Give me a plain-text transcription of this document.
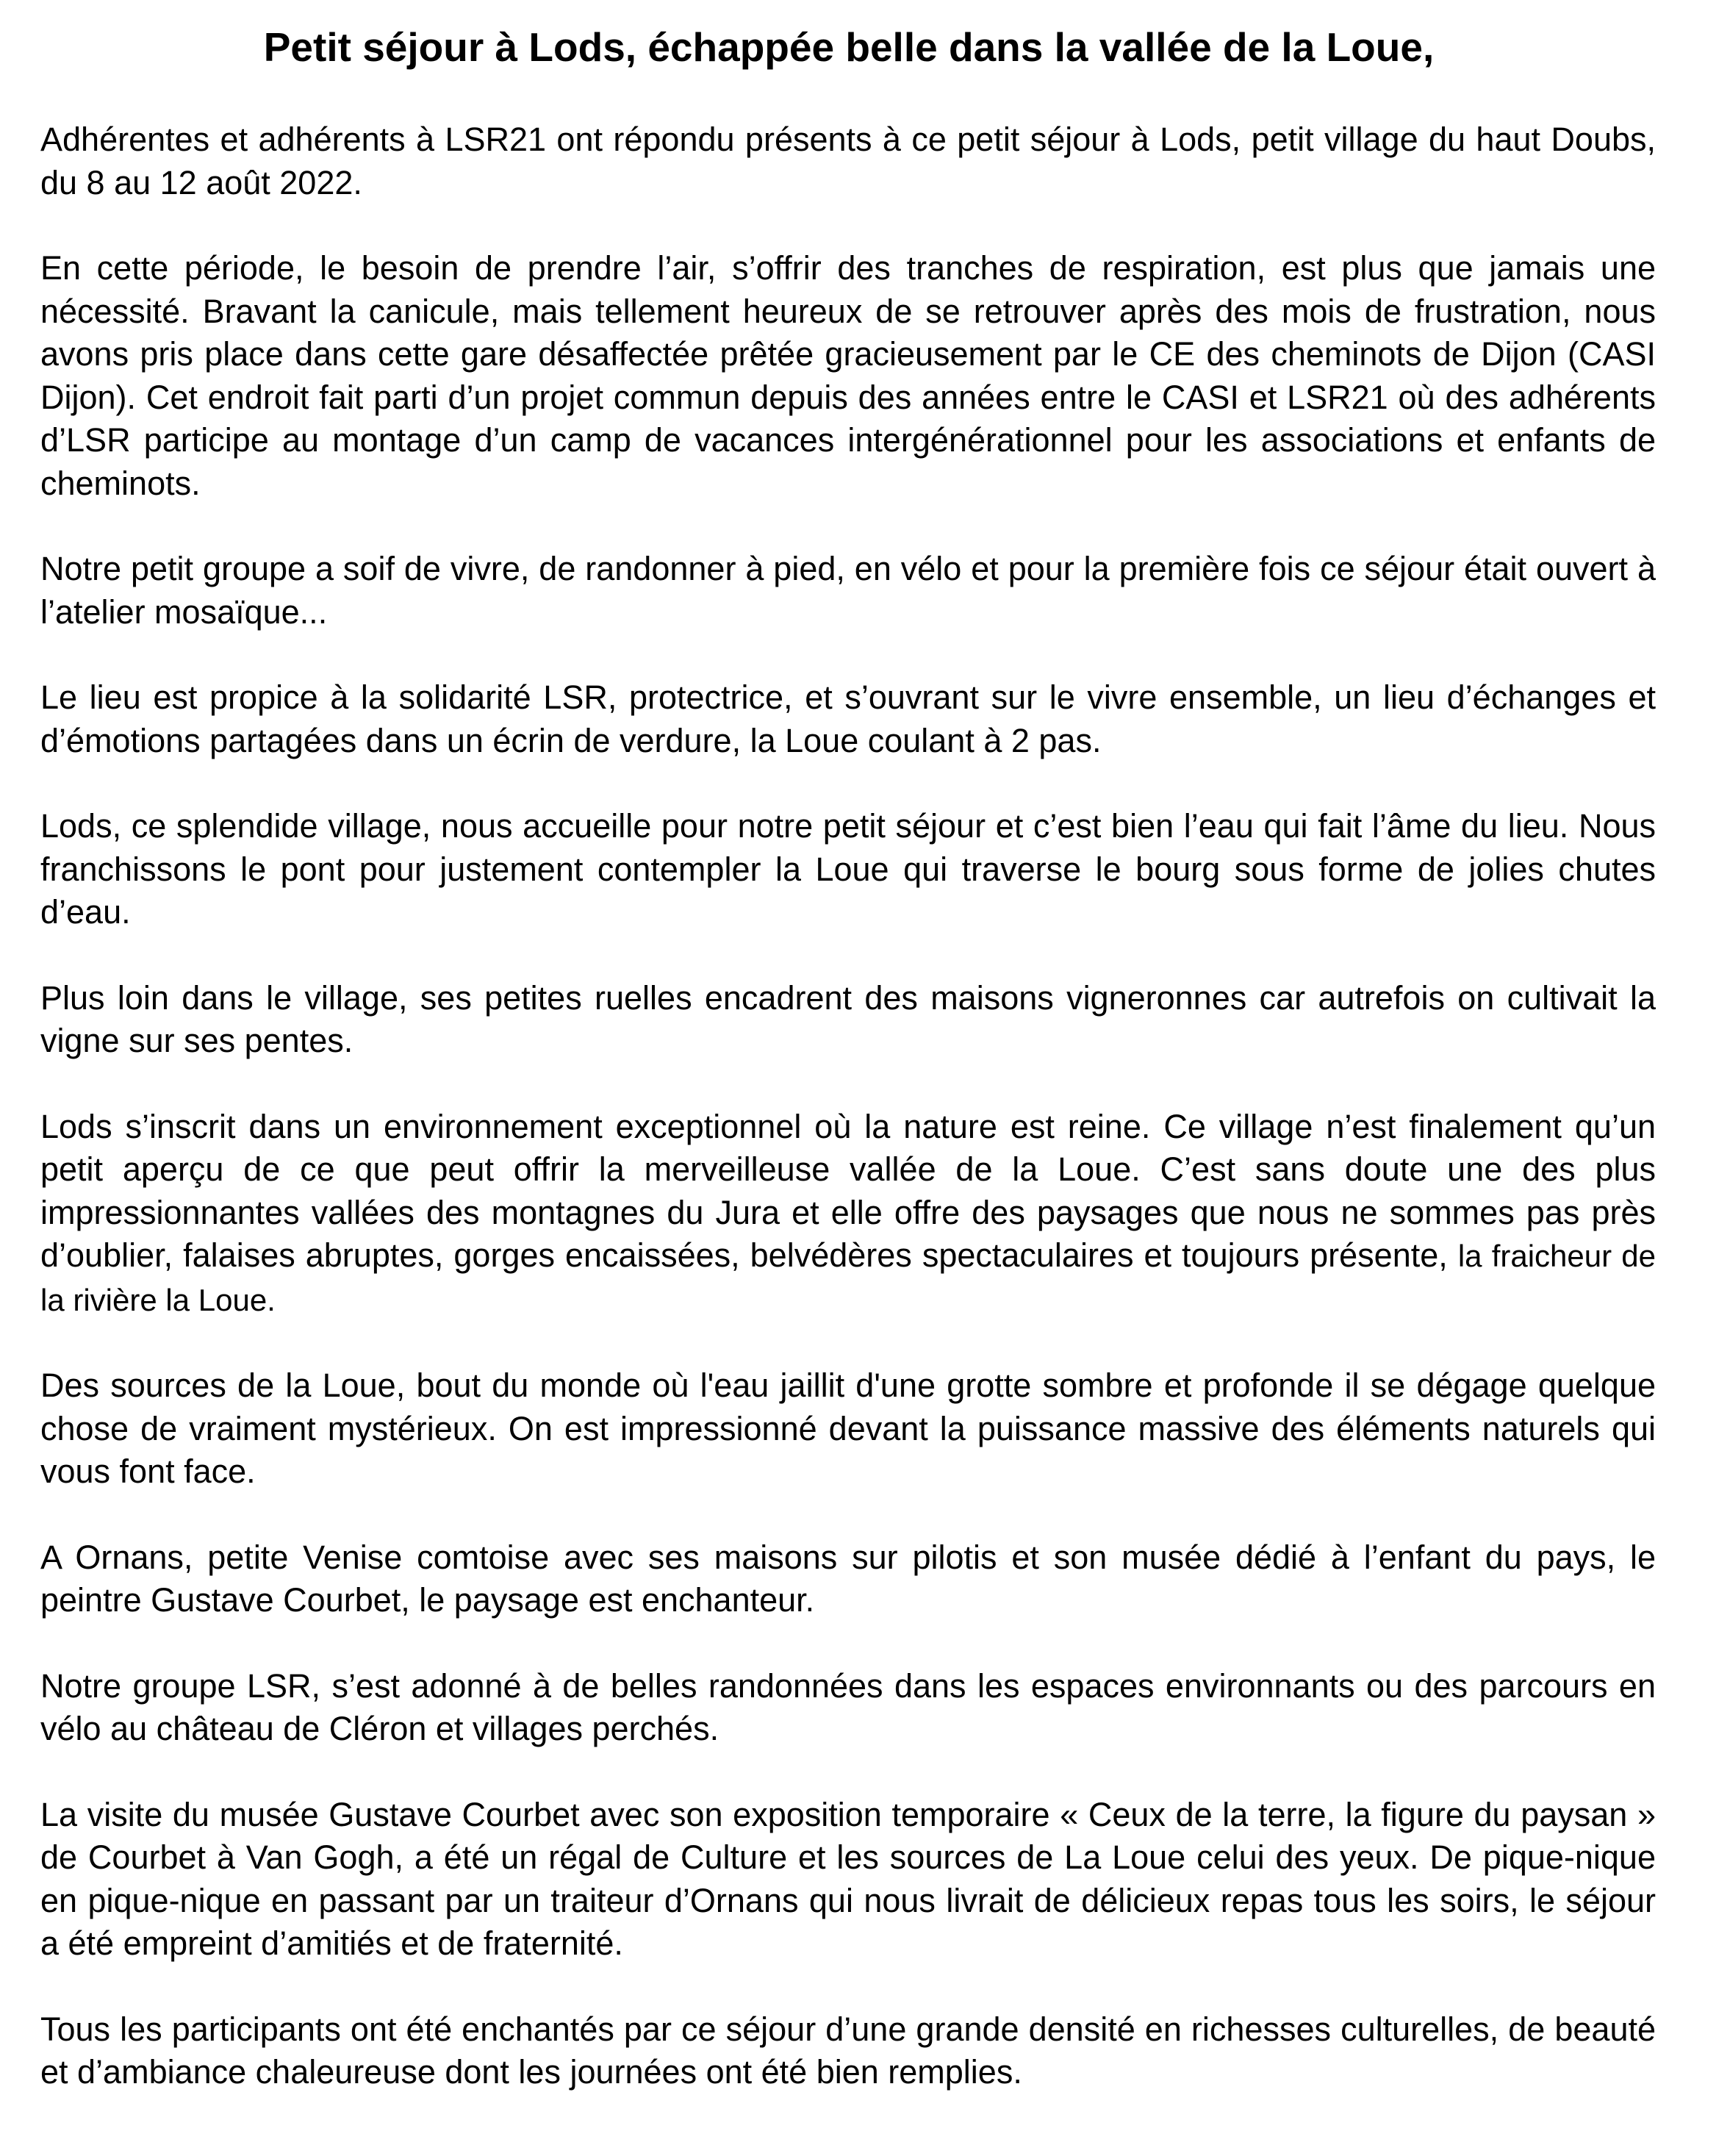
Petit séjour à Lods, échappée belle dans la vallée de la Loue,

Adhérentes et adhérents à LSR21 ont répondu présents à ce petit séjour à Lods, petit village du haut Doubs, du 8 au 12 août 2022.

En cette période, le besoin de prendre l’air, s’offrir des tranches de respiration, est plus que jamais une nécessité. Bravant la canicule, mais tellement heureux de se retrouver après des mois de frustration, nous avons pris place dans cette gare désaffectée prêtée gracieusement par le CE des cheminots de Dijon (CASI Dijon). Cet endroit fait parti d’un projet commun depuis des années entre le CASI et LSR21 où des adhérents d’LSR participe au montage d’un camp de vacances intergénérationnel pour les associations et enfants de cheminots.

Notre petit groupe a soif de vivre, de randonner à pied, en vélo et pour la première fois ce séjour était ouvert à l’atelier mosaïque...

Le lieu est propice à la solidarité LSR, protectrice, et s’ouvrant sur le vivre ensemble, un lieu d’échanges et d’émotions partagées dans un écrin de verdure, la Loue coulant à 2 pas.

Lods, ce splendide village, nous accueille pour notre petit séjour et c’est bien l’eau qui fait l’âme du lieu. Nous franchissons le pont pour justement contempler la Loue qui traverse le bourg sous forme de jolies chutes d’eau.

Plus loin dans le village, ses petites ruelles encadrent des maisons vigneronnes car autrefois on cultivait la vigne sur ses pentes.

Lods s’inscrit dans un environnement exceptionnel où la nature est reine. Ce village n’est finalement qu’un petit aperçu de ce que peut offrir la merveilleuse vallée de la Loue. C’est sans doute une des plus impressionnantes vallées des montagnes du Jura et elle offre des paysages que nous ne sommes pas près d’oublier, falaises abruptes, gorges encaissées, belvédères spectaculaires et toujours présente, la fraicheur de la rivière la Loue.

Des sources de la Loue, bout du monde où l'eau jaillit d'une grotte sombre et profonde il se dégage quelque chose de vraiment mystérieux. On est impressionné devant la puissance massive des éléments naturels qui vous font face.

A Ornans, petite Venise comtoise avec ses maisons sur pilotis et son musée dédié à l’enfant du pays, le peintre Gustave Courbet, le paysage est enchanteur.

Notre groupe LSR, s’est adonné à de belles randonnées dans les espaces environnants ou des parcours en vélo au château de Cléron et villages perchés.

La visite du musée Gustave Courbet avec son exposition temporaire « Ceux de la terre, la figure du paysan » de Courbet à Van Gogh, a été un régal de Culture et les sources de La Loue celui des yeux. De pique-nique en pique-nique en passant par un traiteur d’Ornans qui nous livrait de délicieux repas tous les soirs, le séjour a été empreint d’amitiés et de fraternité.

Tous les participants ont été enchantés par ce séjour d’une grande densité en richesses culturelles, de beauté et d’ambiance chaleureuse dont les journées ont été bien remplies.
